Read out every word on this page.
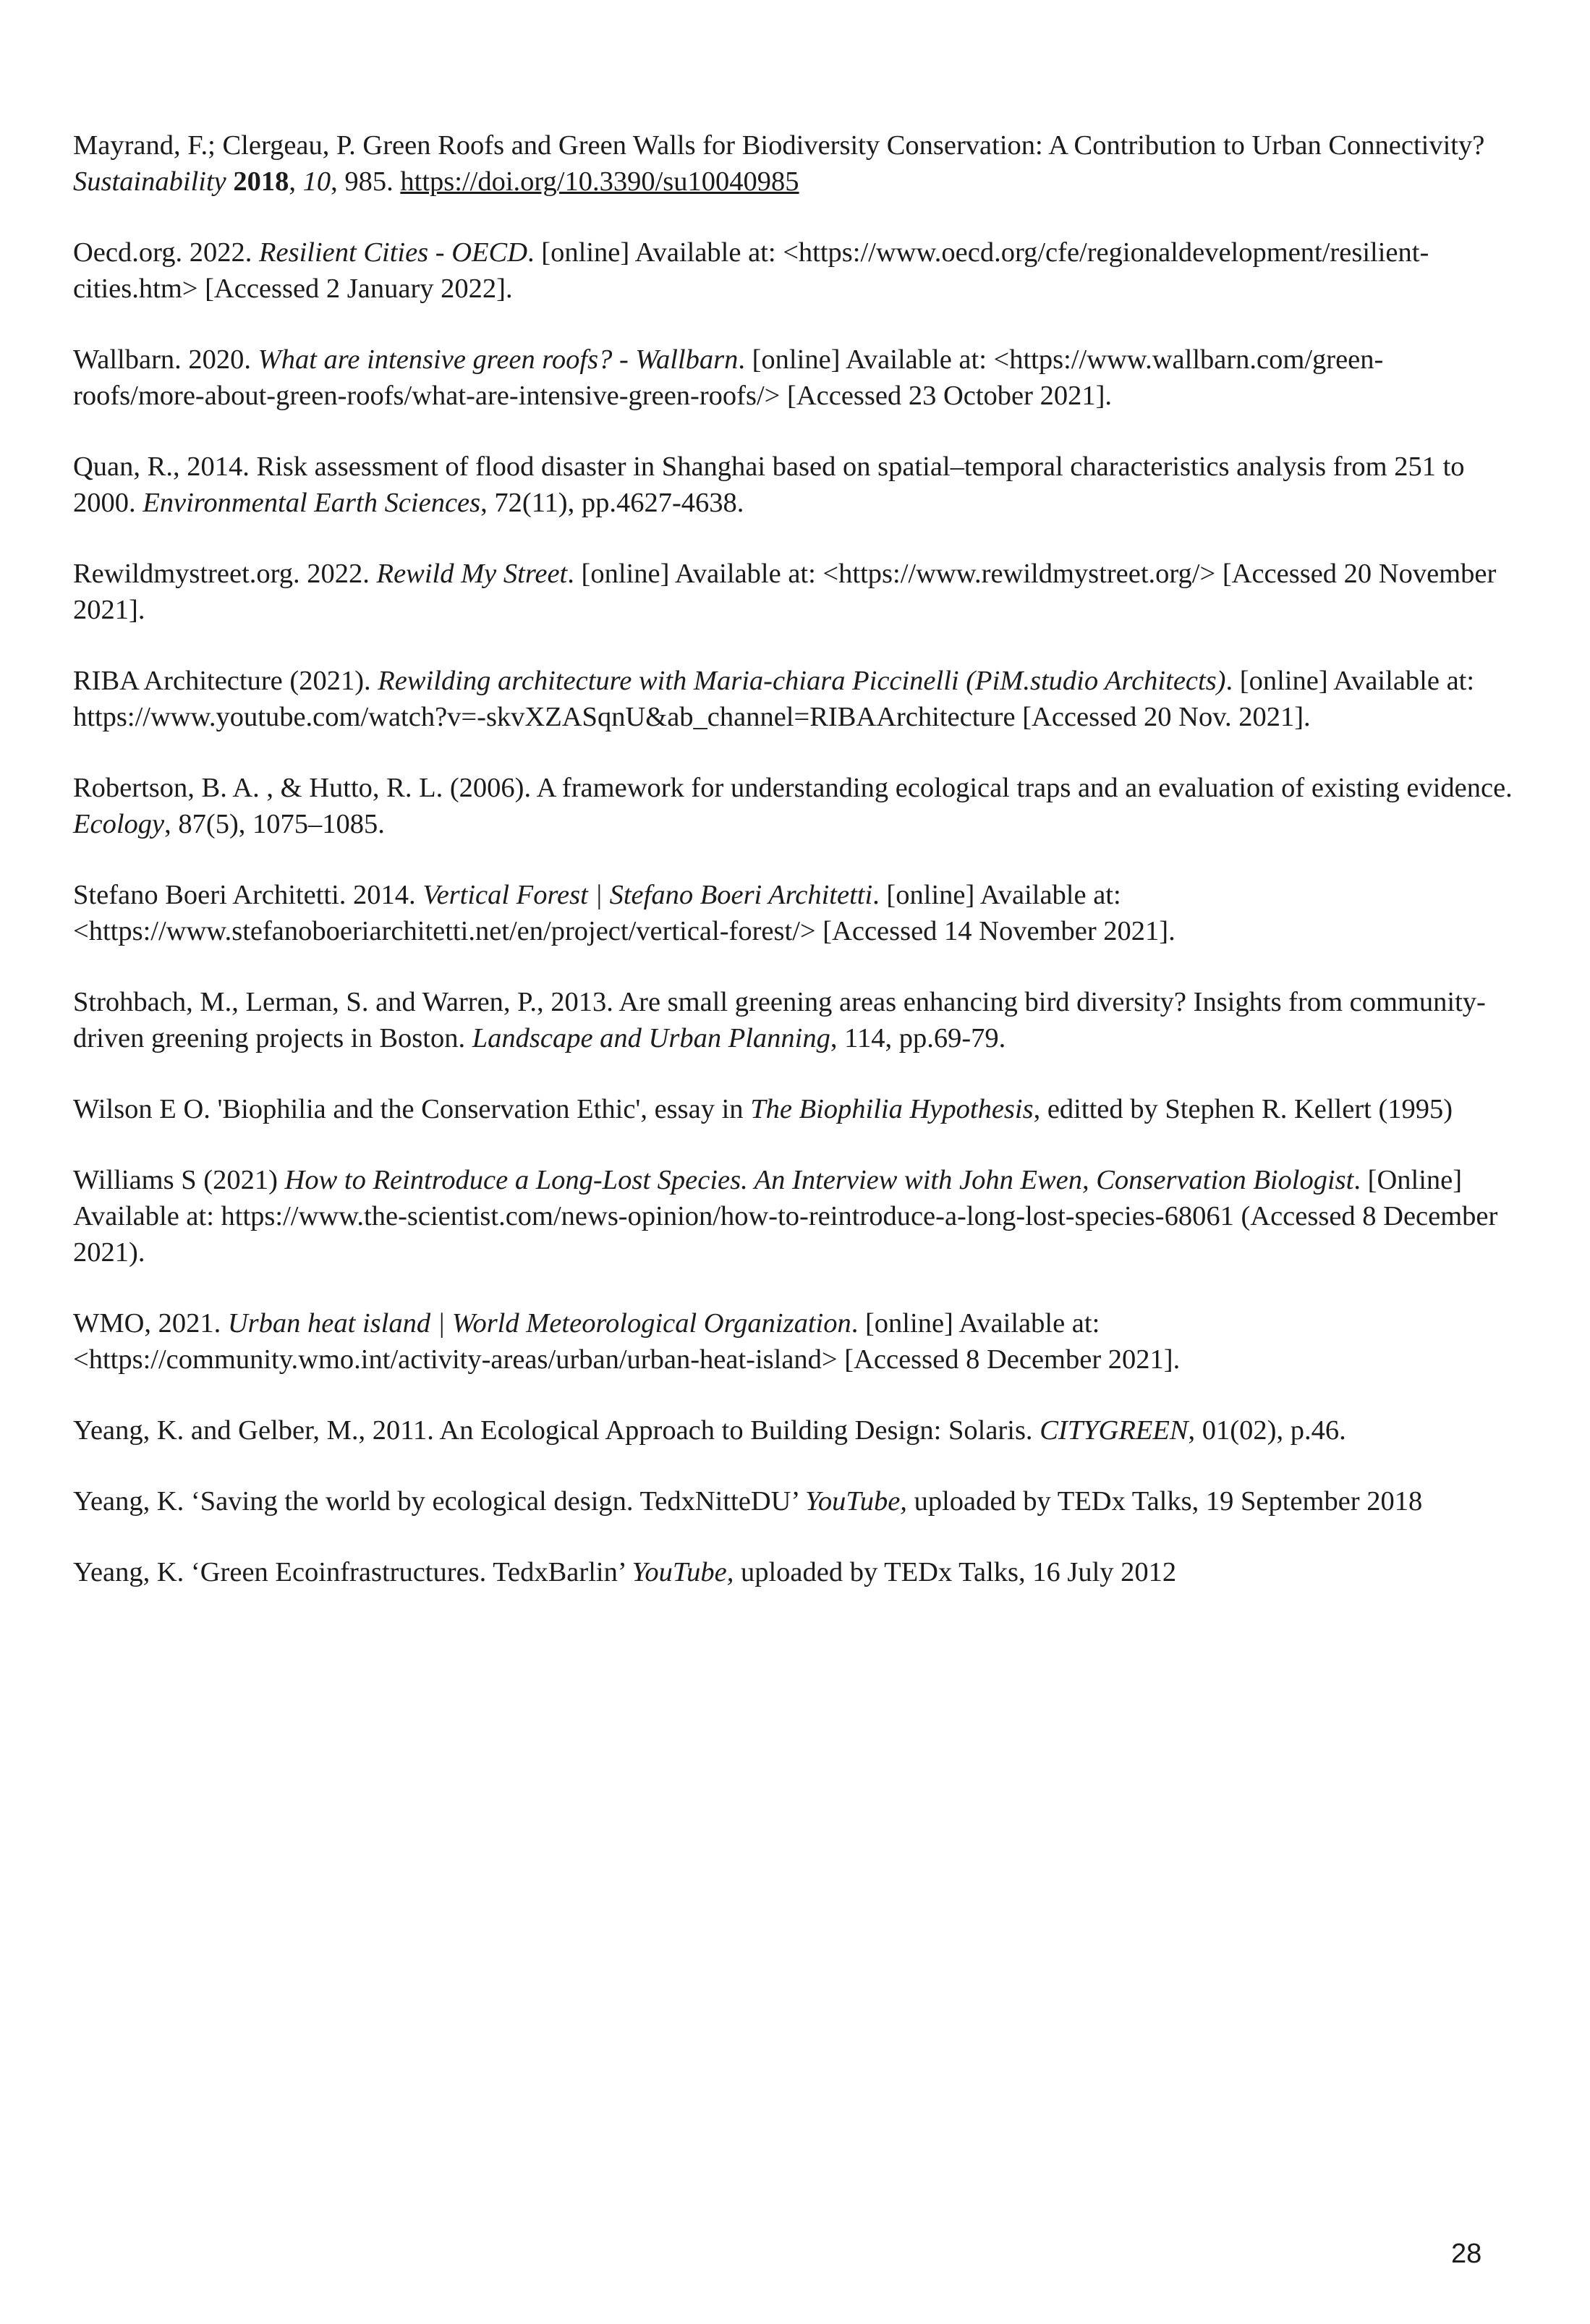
Mayrand, F.; Clergeau, P. Green Roofs and Green Walls for Biodiversity Conservation: A Contribution to Urban Connectivity? Sustainability 2018, 10, 985. https://doi.org/10.3390/su10040985

Oecd.org. 2022. Resilient Cities - OECD. [online] Available at: <https://www.oecd.org/cfe/regionaldevelopment/resilient-cities.htm> [Accessed 2 January 2022].

Wallbarn. 2020. What are intensive green roofs? - Wallbarn. [online] Available at: <https://www.wallbarn.com/green-roofs/more-about-green-roofs/what-are-intensive-green-roofs/> [Accessed 23 October 2021].

Quan, R., 2014. Risk assessment of flood disaster in Shanghai based on spatial–temporal characteristics analysis from 251 to 2000. Environmental Earth Sciences, 72(11), pp.4627-4638.

Rewildmystreet.org. 2022. Rewild My Street. [online] Available at: <https://www.rewildmystreet.org/> [Accessed 20 November 2021].

RIBA Architecture (2021). Rewilding architecture with Maria-chiara Piccinelli (PiM.studio Architects). [online] Available at: https://www.youtube.com/watch?v=-skvXZASqnU&ab_channel=RIBAArchitecture [Accessed 20 Nov. 2021].

Robertson, B. A. , & Hutto, R. L. (2006). A framework for understanding ecological traps and an evaluation of existing evidence. Ecology, 87(5), 1075–1085.

Stefano Boeri Architetti. 2014. Vertical Forest | Stefano Boeri Architetti. [online] Available at: <https://www.stefanoboeriarchitetti.net/en/project/vertical-forest/> [Accessed 14 November 2021].

Strohbach, M., Lerman, S. and Warren, P., 2013. Are small greening areas enhancing bird diversity? Insights from community-driven greening projects in Boston. Landscape and Urban Planning, 114, pp.69-79.

Wilson E O. 'Biophilia and the Conservation Ethic', essay in The Biophilia Hypothesis, editted by Stephen R. Kellert (1995)

Williams S (2021) How to Reintroduce a Long-Lost Species. An Interview with John Ewen, Conservation Biologist. [Online] Available at: https://www.the-scientist.com/news-opinion/how-to-reintroduce-a-long-lost-species-68061 (Accessed 8 December 2021).

WMO, 2021. Urban heat island | World Meteorological Organization. [online] Available at: <https://community.wmo.int/activity-areas/urban/urban-heat-island> [Accessed 8 December 2021].

Yeang, K. and Gelber, M., 2011. An Ecological Approach to Building Design: Solaris. CITYGREEN, 01(02), p.46.

Yeang, K. ‘Saving the world by ecological design. TedxNitteDU’ YouTube, uploaded by TEDx Talks, 19 September 2018

Yeang, K. ‘Green Ecoinfrastructures. TedxBarlin’ YouTube, uploaded by TEDx Talks, 16 July 2012

28
